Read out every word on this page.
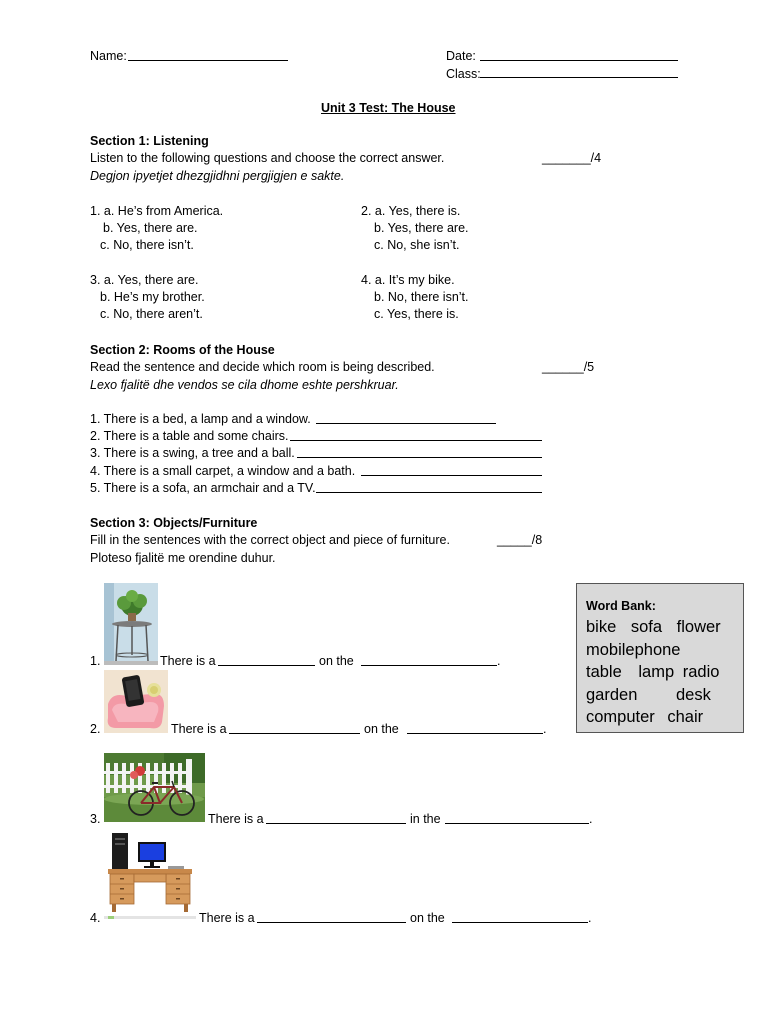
Name:	Date:
Class:
Unit 3 Test: The House
Section 1: Listening
Listen to the following questions and choose the correct answer.	_______/4
Degjon ipyetjet dhezgjidhni pergjigjen e sakte.
1. a. He’s from America.
b. Yes, there are.
c. No, there isn’t.
2. a. Yes, there is.
b. Yes, there are.
c. No, she isn’t.
3. a. Yes, there are.
b. He’s my brother.
c. No, there aren’t.
4. a. It’s my bike.
b. No, there isn’t.
c. Yes, there is.
Section 2: Rooms of the House
Read the sentence and decide which room is being described.	______/5
Lexo fjalitë dhe vendos se cila dhome eshte pershkruar.
1. There is a bed, a lamp and a window.
2. There is a table and some chairs.
3. There is a swing, a tree and a ball.
4. There is a small carpet, a window and a bath.
5. There is a sofa, an armchair and a TV.
Section 3: Objects/Furniture
Fill in the sentences with the correct object and piece of furniture.	_____/8
Ploteso fjalitë me orendine duhur.
1.	There is a	on the	.
2.	There is a	on the	.
3.	There is a	in the	.
4.	There is a	on the	.
Word Bank:
bike sofa flower
mobilephone
table lamp radio
garden desk
computer chair
